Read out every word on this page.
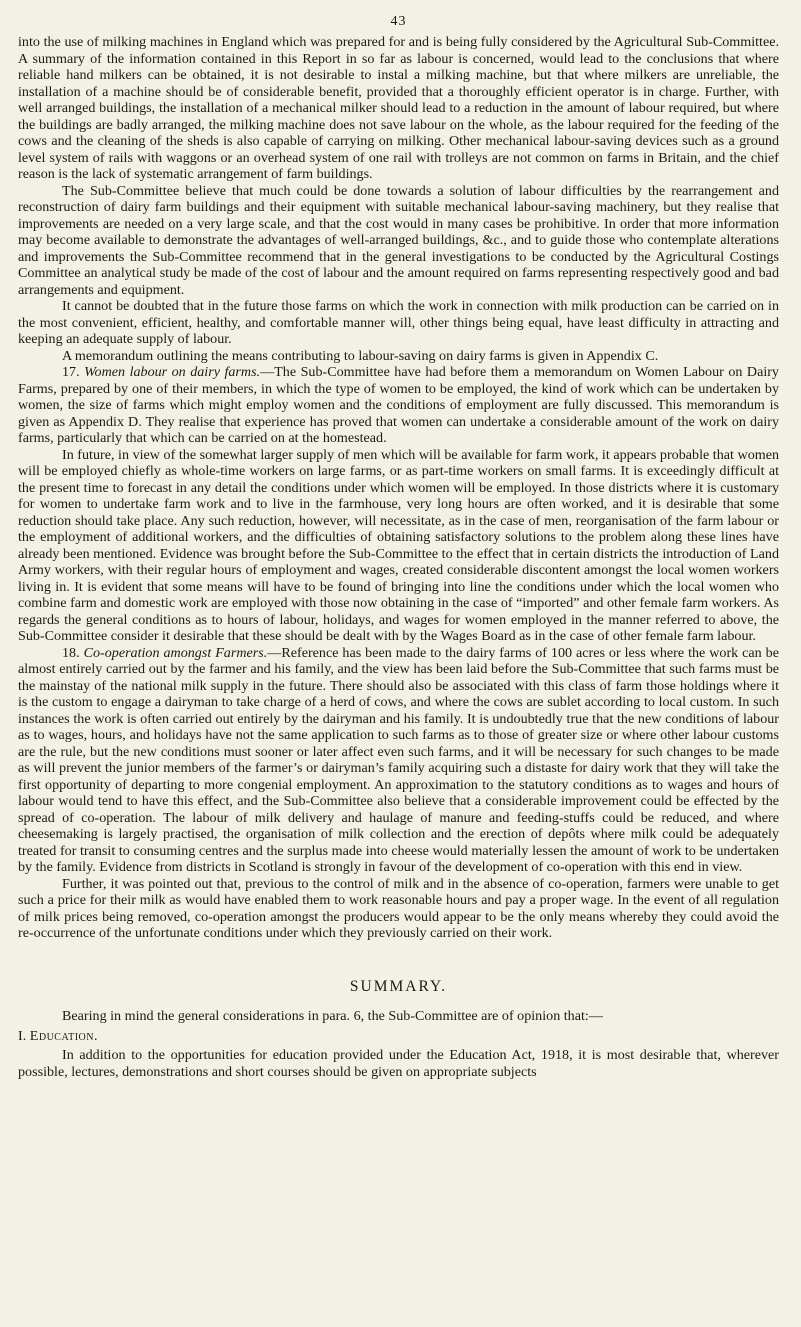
43

into the use of milking machines in England which was prepared for and is being fully considered by the Agricultural Sub-Committee. A summary of the information contained in this Report in so far as labour is concerned, would lead to the conclusions that where reliable hand milkers can be obtained, it is not desirable to instal a milking machine, but that where milkers are unreliable, the installation of a machine should be of considerable benefit, provided that a thoroughly efficient operator is in charge. Further, with well arranged buildings, the installation of a mechanical milker should lead to a reduction in the amount of labour required, but where the buildings are badly arranged, the milking machine does not save labour on the whole, as the labour required for the feeding of the cows and the cleaning of the sheds is also capable of carrying on milking. Other mechanical labour-saving devices such as a ground level system of rails with waggons or an overhead system of one rail with trolleys are not common on farms in Britain, and the chief reason is the lack of systematic arrangement of farm buildings.

The Sub-Committee believe that much could be done towards a solution of labour difficulties by the rearrangement and reconstruction of dairy farm buildings and their equipment with suitable mechanical labour-saving machinery, but they realise that improvements are needed on a very large scale, and that the cost would in many cases be prohibitive. In order that more information may become available to demonstrate the advantages of well-arranged buildings, &c., and to guide those who contemplate alterations and improvements the Sub-Committee recommend that in the general investigations to be conducted by the Agricultural Costings Committee an analytical study be made of the cost of labour and the amount required on farms representing respectively good and bad arrangements and equipment.

It cannot be doubted that in the future those farms on which the work in connection with milk production can be carried on in the most convenient, efficient, healthy, and comfortable manner will, other things being equal, have least difficulty in attracting and keeping an adequate supply of labour.

A memorandum outlining the means contributing to labour-saving on dairy farms is given in Appendix C.

17. Women labour on dairy farms.—The Sub-Committee have had before them a memorandum on Women Labour on Dairy Farms, prepared by one of their members, in which the type of women to be employed, the kind of work which can be undertaken by women, the size of farms which might employ women and the conditions of employment are fully discussed. This memorandum is given as Appendix D. They realise that experience has proved that women can undertake a considerable amount of the work on dairy farms, particularly that which can be carried on at the homestead.

In future, in view of the somewhat larger supply of men which will be available for farm work, it appears probable that women will be employed chiefly as whole-time workers on large farms, or as part-time workers on small farms. It is exceedingly difficult at the present time to forecast in any detail the conditions under which women will be employed. In those districts where it is customary for women to undertake farm work and to live in the farmhouse, very long hours are often worked, and it is desirable that some reduction should take place. Any such reduction, however, will necessitate, as in the case of men, reorganisation of the farm labour or the employment of additional workers, and the difficulties of obtaining satisfactory solutions to the problem along these lines have already been mentioned. Evidence was brought before the Sub-Committee to the effect that in certain districts the introduction of Land Army workers, with their regular hours of employment and wages, created considerable discontent amongst the local women workers living in. It is evident that some means will have to be found of bringing into line the conditions under which the local women who combine farm and domestic work are employed with those now obtaining in the case of “imported” and other female farm workers. As regards the general conditions as to hours of labour, holidays, and wages for women employed in the manner referred to above, the Sub-Committee consider it desirable that these should be dealt with by the Wages Board as in the case of other female farm labour.

18. Co-operation amongst Farmers.—Reference has been made to the dairy farms of 100 acres or less where the work can be almost entirely carried out by the farmer and his family, and the view has been laid before the Sub-Committee that such farms must be the mainstay of the national milk supply in the future. There should also be associated with this class of farm those holdings where it is the custom to engage a dairyman to take charge of a herd of cows, and where the cows are sublet according to local custom. In such instances the work is often carried out entirely by the dairyman and his family. It is undoubtedly true that the new conditions of labour as to wages, hours, and holidays have not the same application to such farms as to those of greater size or where other labour customs are the rule, but the new conditions must sooner or later affect even such farms, and it will be necessary for such changes to be made as will prevent the junior members of the farmer’s or dairyman’s family acquiring such a distaste for dairy work that they will take the first opportunity of departing to more congenial employment. An approximation to the statutory conditions as to wages and hours of labour would tend to have this effect, and the Sub-Committee also believe that a considerable improvement could be effected by the spread of co-operation. The labour of milk delivery and haulage of manure and feeding-stuffs could be reduced, and where cheesemaking is largely practised, the organisation of milk collection and the erection of depôts where milk could be adequately treated for transit to consuming centres and the surplus made into cheese would materially lessen the amount of work to be undertaken by the family. Evidence from districts in Scotland is strongly in favour of the development of co-operation with this end in view.

Further, it was pointed out that, previous to the control of milk and in the absence of co-operation, farmers were unable to get such a price for their milk as would have enabled them to work reasonable hours and pay a proper wage. In the event of all regulation of milk prices being removed, co-operation amongst the producers would appear to be the only means whereby they could avoid the re-occurrence of the unfortunate conditions under which they previously carried on their work.

SUMMARY.

Bearing in mind the general considerations in para. 6, the Sub-Committee are of opinion that:—

I. Education.

In addition to the opportunities for education provided under the Education Act, 1918, it is most desirable that, wherever possible, lectures, demonstrations and short courses should be given on appropriate subjects
